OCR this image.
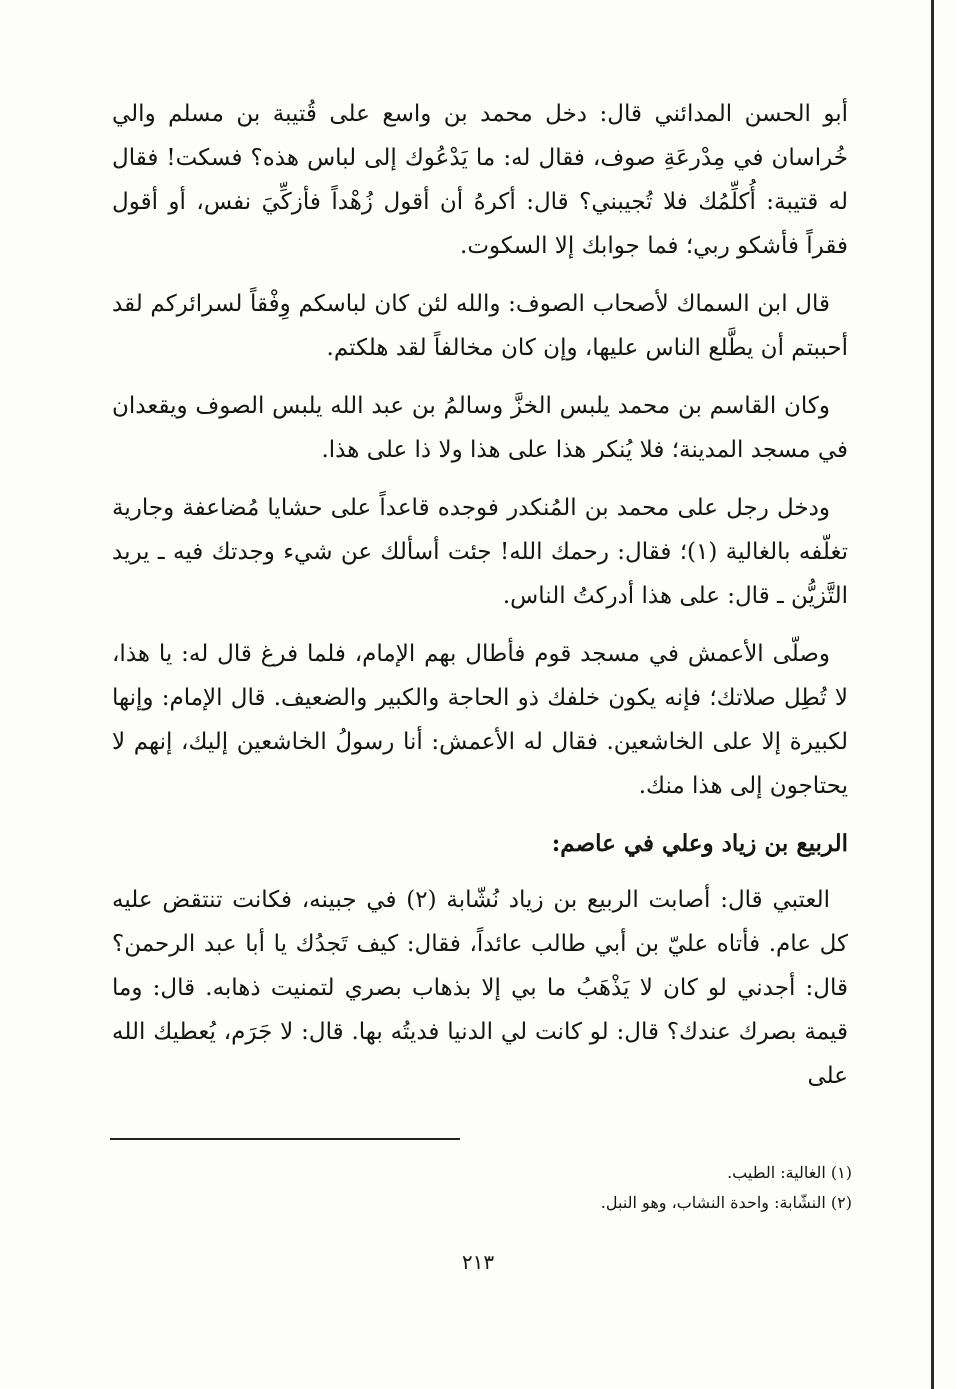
أبو الحسن المدائني قال: دخل محمد بن واسع على قُتيبة بن مسلم والي خُراسان في مِدْرعَةِ صوف، فقال له: ما يَدْعُوك إلى لباس هذه؟ فسكت! فقال له قتيبة: أُكلِّمُك فلا تُجيبني؟ قال: أكرهُ أن أقول زُهْداً فأزكِّيَ نفس، أو أقول فقراً فأشكو ربي؛ فما جوابك إلا السكوت.

قال ابن السماك لأصحاب الصوف: والله لئن كان لباسكم وِفْقاً لسرائركم لقد أحببتم أن يطَّلع الناس عليها، وإن كان مخالفاً لقد هلكتم.

وكان القاسم بن محمد يلبس الخزَّ وسالمُ بن عبد الله يلبس الصوف ويقعدان في مسجد المدينة؛ فلا يُنكر هذا على هذا ولا ذا على هذا.

ودخل رجل على محمد بن المُنكدر فوجده قاعداً على حشايا مُضاعفة وجارية تغلّفه بالغالية (١)؛ فقال: رحمك الله! جئت أسألك عن شيء وجدتك فيه ـ يريد التَّزيُّن ـ قال: على هذا أدركتُ الناس.

وصلّى الأعمش في مسجد قوم فأطال بهم الإمام، فلما فرغ قال له: يا هذا، لا تُطِل صلاتك؛ فإنه يكون خلفك ذو الحاجة والكبير والضعيف. قال الإمام: وإنها لكبيرة إلا على الخاشعين. فقال له الأعمش: أنا رسولُ الخاشعين إليك، إنهم لا يحتاجون إلى هذا منك.

الربيع بن زياد وعلي في عاصم:

العتبي قال: أصابت الربيع بن زياد نُشّابة (٢) في جبينه، فكانت تنتقض عليه كل عام. فأتاه عليّ بن أبي طالب عائداً، فقال: كيف تَجدُك يا أبا عبد الرحمن؟ قال: أجدني لو كان لا يَذْهَبُ ما بي إلا بذهاب بصري لتمنيت ذهابه. قال: وما قيمة بصرك عندك؟ قال: لو كانت لي الدنيا فديتُه بها. قال: لا جَرَم، يُعطيك الله على

(١) الغالية: الطيب.

(٢) النشّابة: واحدة النشاب، وهو النبل.

٢١٣
